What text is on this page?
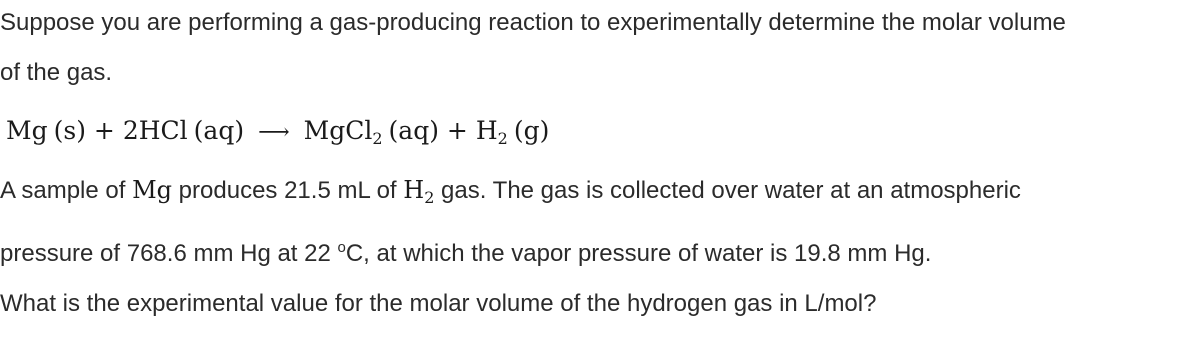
Suppose you are performing a gas-producing reaction to experimentally determine the molar volume
of the gas.
Mg (s) + 2HCl (aq) ⟶ MgCl$_2$ $(aq) + H_2$ (g)
A sample of Mg produces 21.5 mL of $H_2$ gas. The gas is collected over water at an atmospheric
pressure of 768.6 mm Hg at 22 $^o$C, at which the vapor pressure of water is 19.8 mm Hg.
What is the experimental value for the molar volume of the hydrogen gas in L/mol?
